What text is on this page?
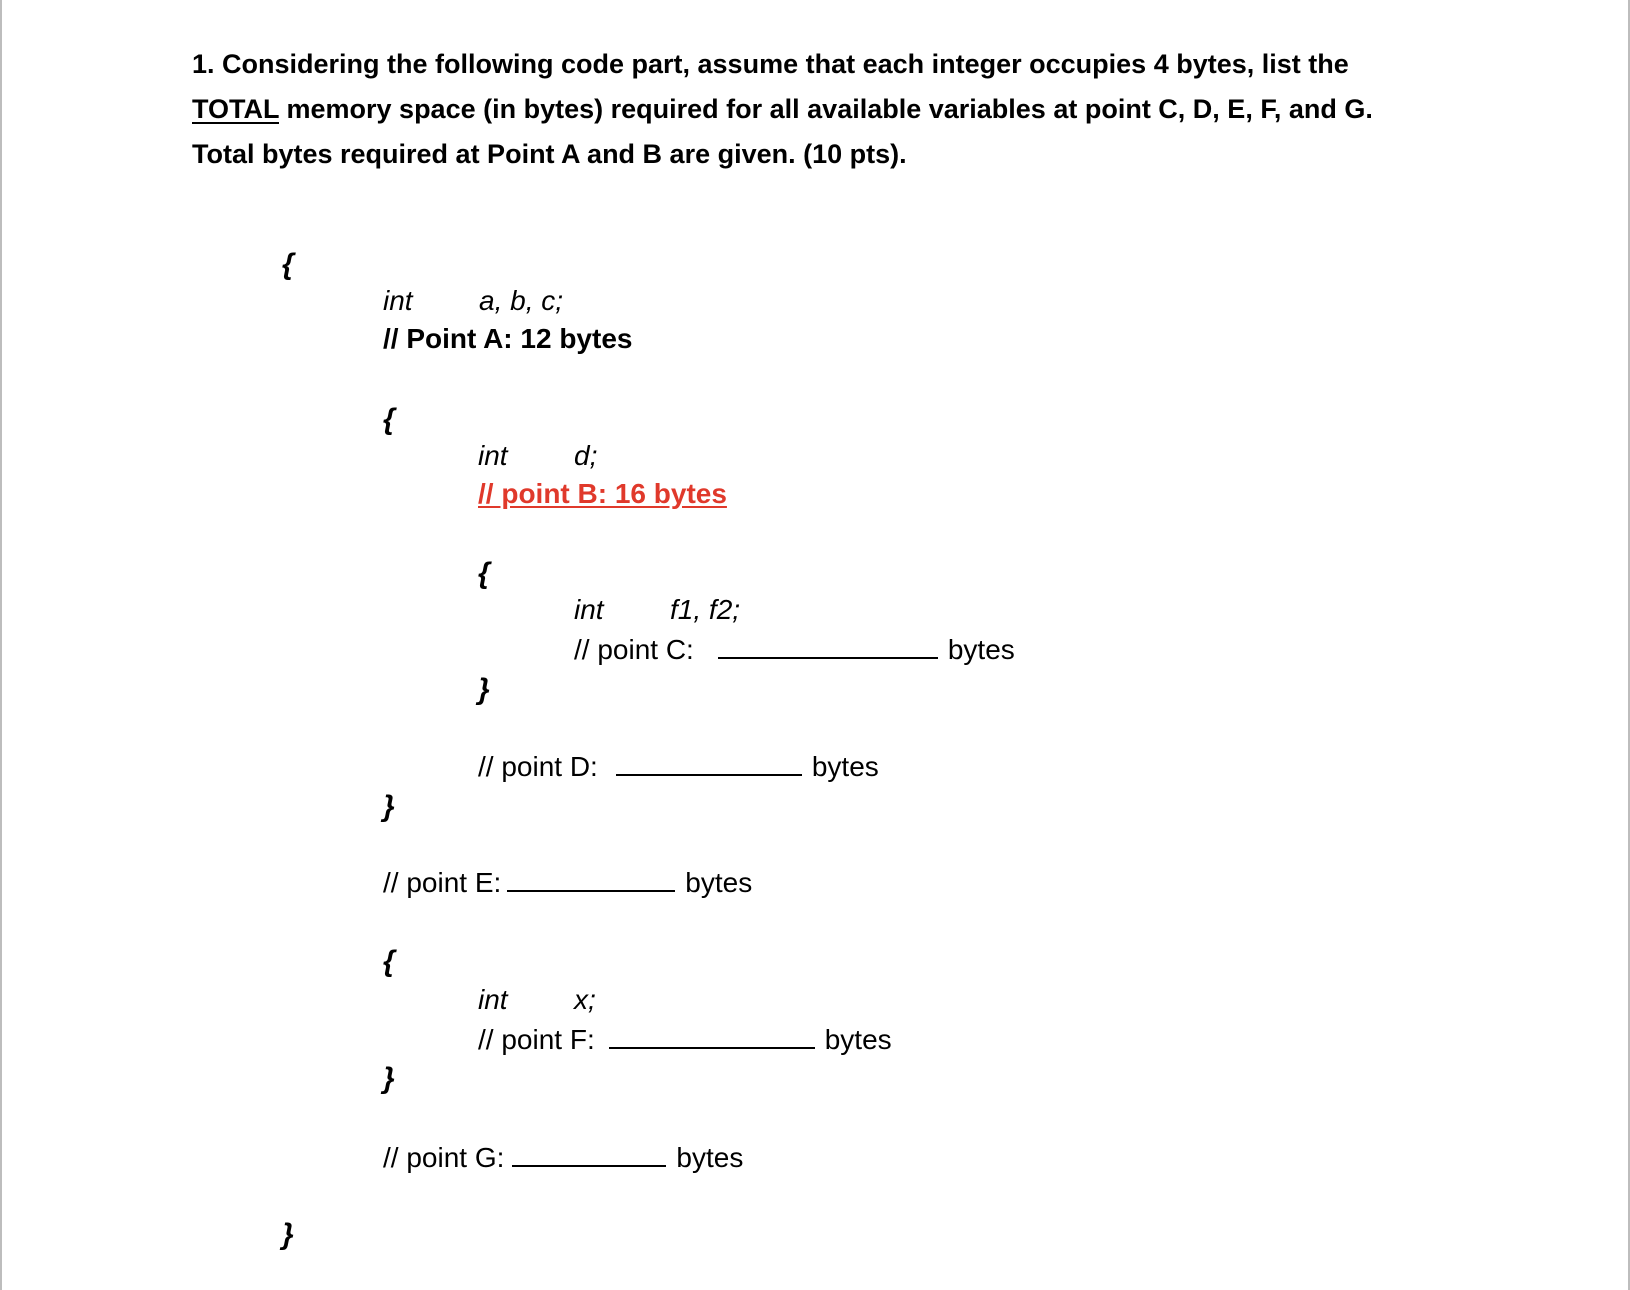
1. Considering the following code part, assume that each integer occupies 4 bytes, list the
TOTAL memory space (in bytes) required for all available variables at point C, D, E, F, and G.
Total bytes required at Point A and B are given. (10 pts).
{
int a, b, c;
// Point A: 12 bytes
{
int d;
// point B: 16 bytes
{
int f1, f2;
// point C:	bytes
}
// point D:	bytes
}
// point E:	bytes
{
int x;
// point F:	bytes
}
// point G:	bytes
}
